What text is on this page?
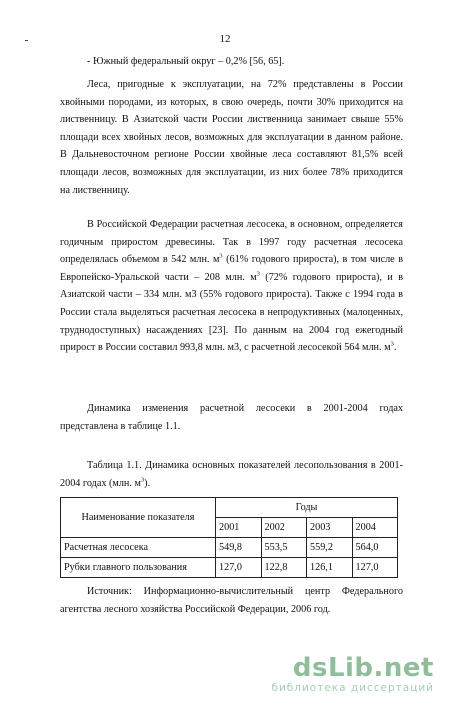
12
- Южный федеральный округ – 0,2% [56, 65].
Леса, пригодные к эксплуатации, на 72% представлены в России хвойными породами, из которых, в свою очередь, почти 30% приходится на лиственницу. В Азиатской части России лиственница занимает свыше 55% площади всех хвойных лесов, возможных для эксплуатации в данном районе. В Дальневосточном регионе России хвойные леса составляют 81,5% всей площади лесов, возможных для эксплуатации, из них более 78% приходится на лиственницу.
В Российской Федерации расчетная лесосека, в основном, определяется годичным приростом древесины. Так в 1997 году расчетная лесосека определялась объемом в 542 млн. $м^3$ (61% годового прироста), в том числе в Европейско-Уральской части – 208 млн. $м^3$ (72% годового прироста), и в Азиатской части – 334 млн. м3 (55% годового прироста). Также с 1994 года в России стала выделяться расчетная лесосека в непродуктивных (малоценных, труднодоступных) насаждениях [23]. По данным на 2004 год ежегодный прирост в России составил 993,8 млн. м3, с расчетной лесосекой 564 млн. $м^3$.
Динамика изменения расчетной лесосеки в 2001-2004 годах представлена в таблице 1.1.
Таблица 1.1. Динамика основных показателей лесопользования в 2001-2004 годах (млн. $м^3$).
Наименование показателя	Годы			
	2001	2002	2003	2004
Расчетная лесосека	549,8	553,5	559,2	564,0
Рубки главного пользования	127,0	122,8	126,1	127,0
Источник: Информационно-вычислительный центр Федерального агентства лесного хозяйства Российской Федерации, 2006 год.
dsLib.net
библиотека диссертаций
